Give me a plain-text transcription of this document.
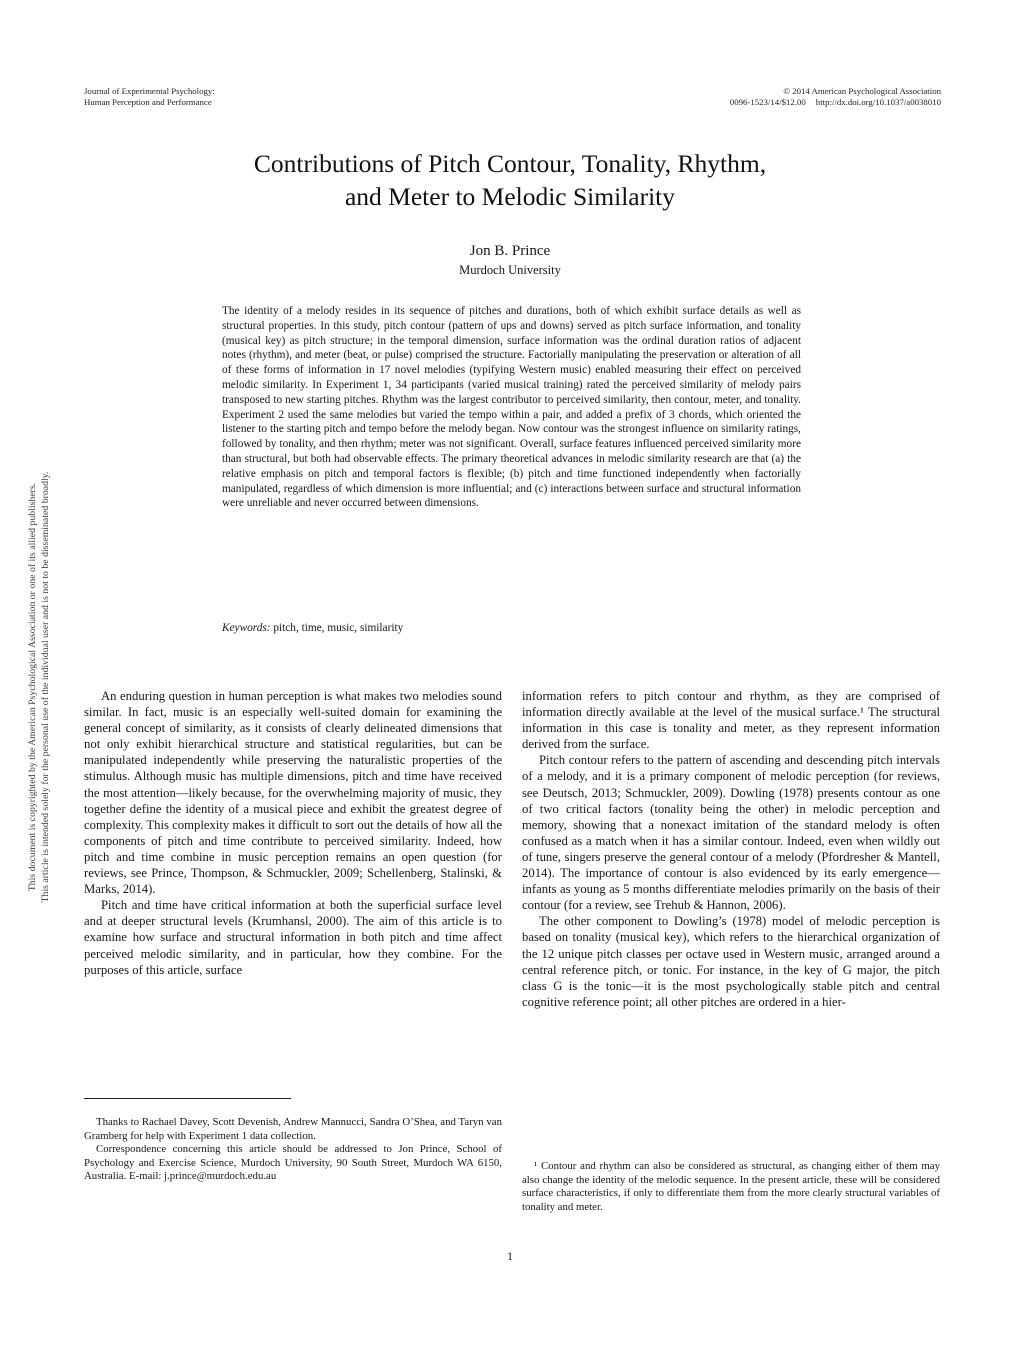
Journal of Experimental Psychology:
Human Perception and Performance
© 2014 American Psychological Association
0096-1523/14/$12.00 http://dx.doi.org/10.1037/a0038010
This document is copyrighted by the American Psychological Association or one of its allied publishers. This article is intended solely for the personal use of the individual user and is not to be disseminated broadly.
Contributions of Pitch Contour, Tonality, Rhythm,
and Meter to Melodic Similarity
Jon B. Prince
Murdoch University
The identity of a melody resides in its sequence of pitches and durations, both of which exhibit surface details as well as structural properties. In this study, pitch contour (pattern of ups and downs) served as pitch surface information, and tonality (musical key) as pitch structure; in the temporal dimension, surface information was the ordinal duration ratios of adjacent notes (rhythm), and meter (beat, or pulse) comprised the structure. Factorially manipulating the preservation or alteration of all of these forms of information in 17 novel melodies (typifying Western music) enabled measuring their effect on perceived melodic similarity. In Experiment 1, 34 participants (varied musical training) rated the perceived similarity of melody pairs transposed to new starting pitches. Rhythm was the largest contributor to perceived similarity, then contour, meter, and tonality. Experiment 2 used the same melodies but varied the tempo within a pair, and added a prefix of 3 chords, which oriented the listener to the starting pitch and tempo before the melody began. Now contour was the strongest influence on similarity ratings, followed by tonality, and then rhythm; meter was not significant. Overall, surface features influenced perceived similarity more than structural, but both had observable effects. The primary theoretical advances in melodic similarity research are that (a) the relative emphasis on pitch and temporal factors is flexible; (b) pitch and time functioned independently when factorially manipulated, regardless of which dimension is more influential; and (c) interactions between surface and structural information were unreliable and never occurred between dimensions.
Keywords: pitch, time, music, similarity

An enduring question in human perception is what makes two melodies sound similar. In fact, music is an especially well-suited domain for examining the general concept of similarity, as it consists of clearly delineated dimensions that not only exhibit hierarchical structure and statistical regularities, but can be manipulated independently while preserving the naturalistic properties of the stimulus. Although music has multiple dimensions, pitch and time have received the most attention—likely because, for the overwhelming majority of music, they together define the identity of a musical piece and exhibit the greatest degree of complexity. This complexity makes it difficult to sort out the details of how all the components of pitch and time contribute to perceived similarity. Indeed, how pitch and time combine in music perception remains an open question (for reviews, see Prince, Thompson, & Schmuckler, 2009; Schellenberg, Stalinski, & Marks, 2014).

Pitch and time have critical information at both the superficial surface level and at deeper structural levels (Krumhansl, 2000). The aim of this article is to examine how surface and structural information in both pitch and time affect perceived melodic similarity, and in particular, how they combine. For the purposes of this article, surface

information refers to pitch contour and rhythm, as they are comprised of information directly available at the level of the musical surface.¹ The structural information in this case is tonality and meter, as they represent information derived from the surface.

Pitch contour refers to the pattern of ascending and descending pitch intervals of a melody, and it is a primary component of melodic perception (for reviews, see Deutsch, 2013; Schmuckler, 2009). Dowling (1978) presents contour as one of two critical factors (tonality being the other) in melodic perception and memory, showing that a nonexact imitation of the standard melody is often confused as a match when it has a similar contour. Indeed, even when wildly out of tune, singers preserve the general contour of a melody (Pfordresher & Mantell, 2014). The importance of contour is also evidenced by its early emergence—infants as young as 5 months differentiate melodies primarily on the basis of their contour (for a review, see Trehub & Hannon, 2006).

The other component to Dowling’s (1978) model of melodic perception is based on tonality (musical key), which refers to the hierarchical organization of the 12 unique pitch classes per octave used in Western music, arranged around a central reference pitch, or tonic. For instance, in the key of G major, the pitch class G is the tonic—it is the most psychologically stable pitch and central cognitive reference point; all other pitches are ordered in a hier-

Thanks to Rachael Davey, Scott Devenish, Andrew Mannucci, Sandra O’Shea, and Taryn van Gramberg for help with Experiment 1 data collection.

Correspondence concerning this article should be addressed to Jon Prince, School of Psychology and Exercise Science, Murdoch University, 90 South Street, Murdoch WA 6150, Australia. E-mail: j.prince@murdoch.edu.au

¹ Contour and rhythm can also be considered as structural, as changing either of them may also change the identity of the melodic sequence. In the present article, these will be considered surface characteristics, if only to differentiate them from the more clearly structural variables of tonality and meter.
1
